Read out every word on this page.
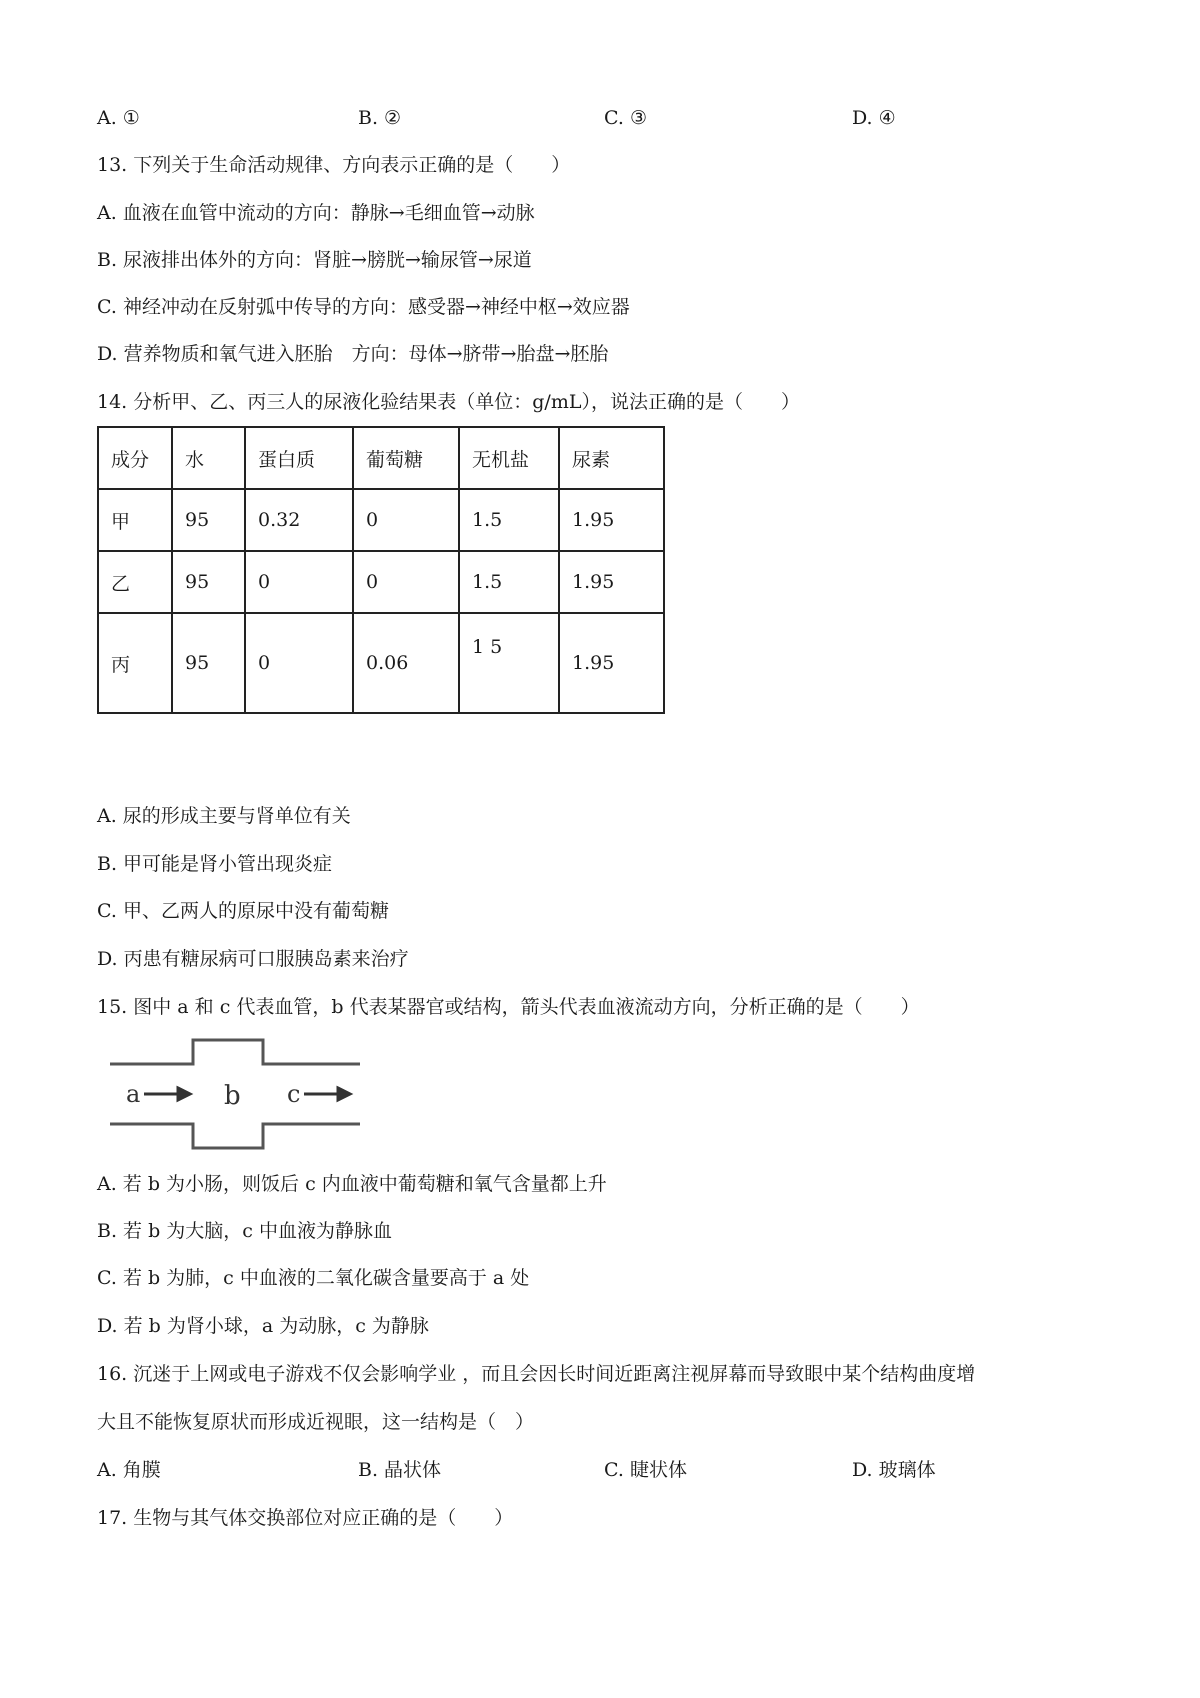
A. ①	B. ②	C. ③	D. ④
13. 下列关于生命活动规律、方向表示正确的是（　　）
A. 血液在血管中流动的方向：静脉→毛细血管→动脉
B. 尿液排出体外的方向：肾脏→膀胱→输尿管→尿道
C. 神经冲动在反射弧中传导的方向：感受器→神经中枢→效应器
D. 营养物质和氧气进入胚胎　方向：母体→脐带→胎盘→胚胎
14. 分析甲、乙、丙三人的尿液化验结果表（单位：g/mL），说法正确的是（　　）
成分	水	蛋白质	葡萄糖	无机盐	尿素
甲	95	0.32	0	1.5	1.95
乙	95	0	0	1.5	1.95
丙	95	0	0.06	1 5	1.95
A. 尿的形成主要与肾单位有关
B. 甲可能是肾小管出现炎症
C. 甲、乙两人的原尿中没有葡萄糖
D. 丙患有糖尿病可口服胰岛素来治疗
15. 图中 a 和 c 代表血管，b 代表某器官或结构，箭头代表血液流动方向，分析正确的是（　　）
a	b c
A. 若 b 为小肠，则饭后 c 内血液中葡萄糖和氧气含量都上升
B. 若 b 为大脑，c 中血液为静脉血
C. 若 b 为肺，c 中血液的二氧化碳含量要高于 a 处
D. 若 b 为肾小球，a 为动脉，c 为静脉
16. 沉迷于上网或电子游戏不仅会影响学业 ，而且会因长时间近距离注视屏幕而导致眼中某个结构曲度增
大且不能恢复原状而形成近视眼，这一结构是（　）
A. 角膜	B. 晶状体	C. 睫状体	D. 玻璃体
17. 生物与其气体交换部位对应正确的是（　　）
